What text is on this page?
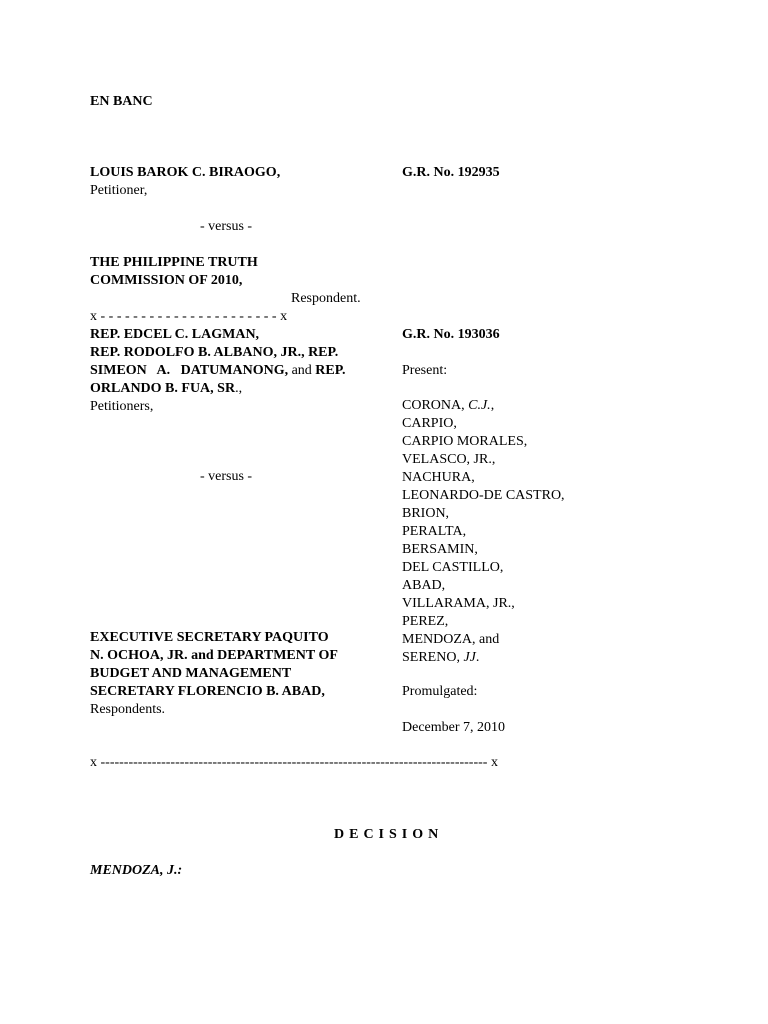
EN BANC
LOUIS BAROK C. BIRAOGO,	G.R. No. 192935
Petitioner,
- versus -
THE PHILIPPINE TRUTH
COMMISSION OF 2010,
Respondent.
x - - - - - - - - - - - - - - - - - - - - - - x
REP. EDCEL C. LAGMAN,	G.R. No. 193036
REP. RODOLFO B. ALBANO, JR., REP.
SIMEON   A.   DATUMANONG, and REP.
ORLANDO B. FUA, SR.,
Petitioners,
- versus -
EXECUTIVE SECRETARY PAQUITO
N. OCHOA, JR. and DEPARTMENT OF
BUDGET AND MANAGEMENT
SECRETARY FLORENCIO B. ABAD,
Respondents.
Present:
CORONA, C.J.,
CARPIO,
CARPIO MORALES,
VELASCO, JR.,
NACHURA,
LEONARDO-DE CASTRO,
BRION,
PERALTA,
BERSAMIN,
DEL CASTILLO,
ABAD,
VILLARAMA, JR.,
PEREZ,
MENDOZA, and
SERENO, JJ.
Promulgated:
December 7, 2010
x ----------------------------------------------------------------------------------- x
DECISION
MENDOZA, J.:
